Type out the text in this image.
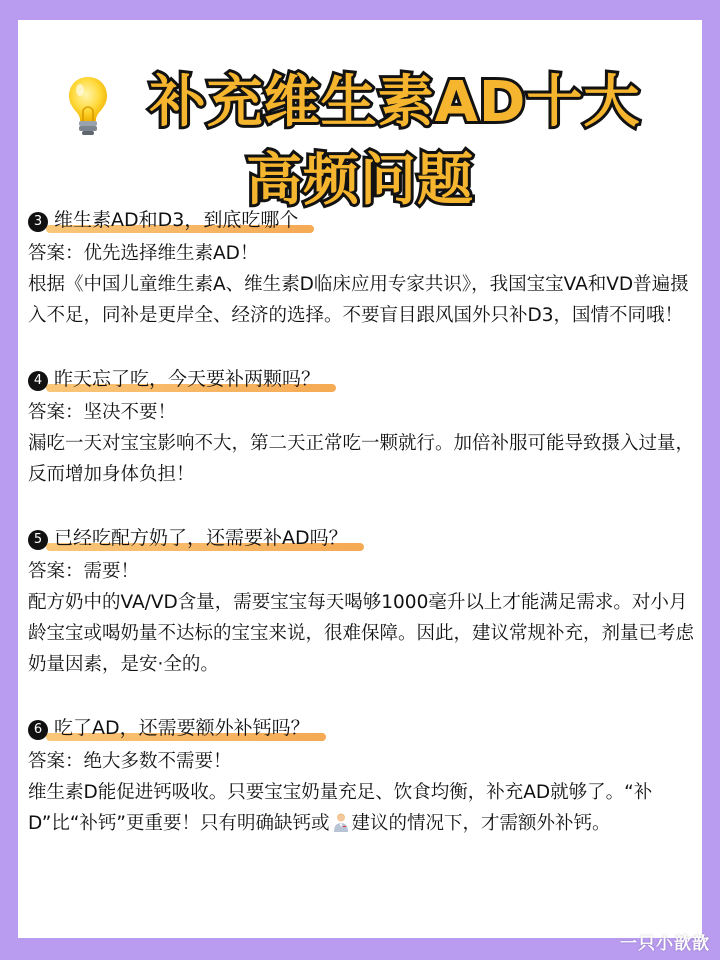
补充维生素AD十大
高频问题
3 维生素AD和D3，到底吃哪个

答案：优先选择维生素AD！

根据《中国儿童维生素A、维生素D临床应用专家共识》，我国宝宝VA和VD普遍摄入不足，同补是更岸全、经济的选择。不要盲目跟风国外只补D3，国情不同哦！

4 昨天忘了吃，今天要补两颗吗？

答案：坚决不要！

漏吃一天对宝宝影响不大，第二天正常吃一颗就行。加倍补服可能导致摄入过量，反而增加身体负担！

5 已经吃配方奶了，还需要补AD吗？

答案：需要！

配方奶中的VA/VD含量，需要宝宝每天喝够1000毫升以上才能满足需求。对小月龄宝宝或喝奶量不达标的宝宝来说，很难保障。因此，建议常规补充，剂量已考虑奶量因素，是安·全的。

6 吃了AD，还需要额外补钙吗？

答案：绝大多数不需要！

维生素D能促进钙吸收。只要宝宝奶量充足、饮食均衡，补充AD就够了。“补D”比“补钙”更重要！只有明确缺钙或 建议的情况下，才需额外补钙。

一只小歆歆
